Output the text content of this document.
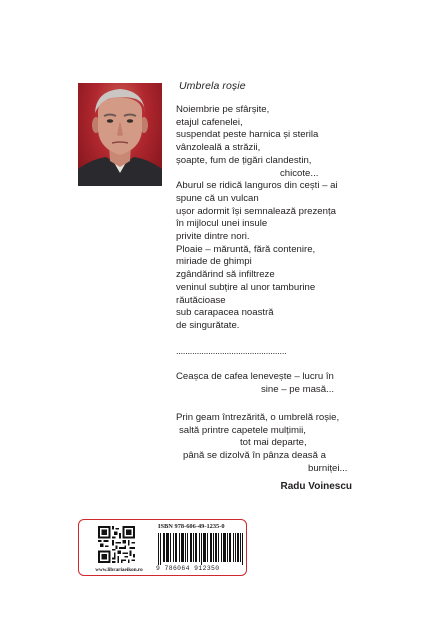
Umbrela roșie
Noiembrie pe sfârșite,
etajul cafenelei,
suspendat peste harnica și sterila
vânzoleală a străzii,
șoapte, fum de țigări clandestin,
chicote...
Aburul se ridică languros din cești – ai
spune că un vulcan
ușor adormit își semnalează prezența
în mijlocul unei insule
privite dintre nori.
Ploaie – măruntă, fără contenire,
miriade de ghimpi
zgândărind să infiltreze
veninul subțire al unor tamburine
răutăcioase
sub carapacea noastră
de singurătate.
................................................
Ceașca de cafea lenevește – lucru în
sine – pe masă...
Prin geam întrezărită, o umbrelă roșie,
saltă printre capetele mulțimii,
tot mai departe,
până se dizolvă în pânza deasă a
burniței...
Radu Voinescu
www.librariaeikon.ro
ISBN 978-606-49-1235-0
9 786064 912350
